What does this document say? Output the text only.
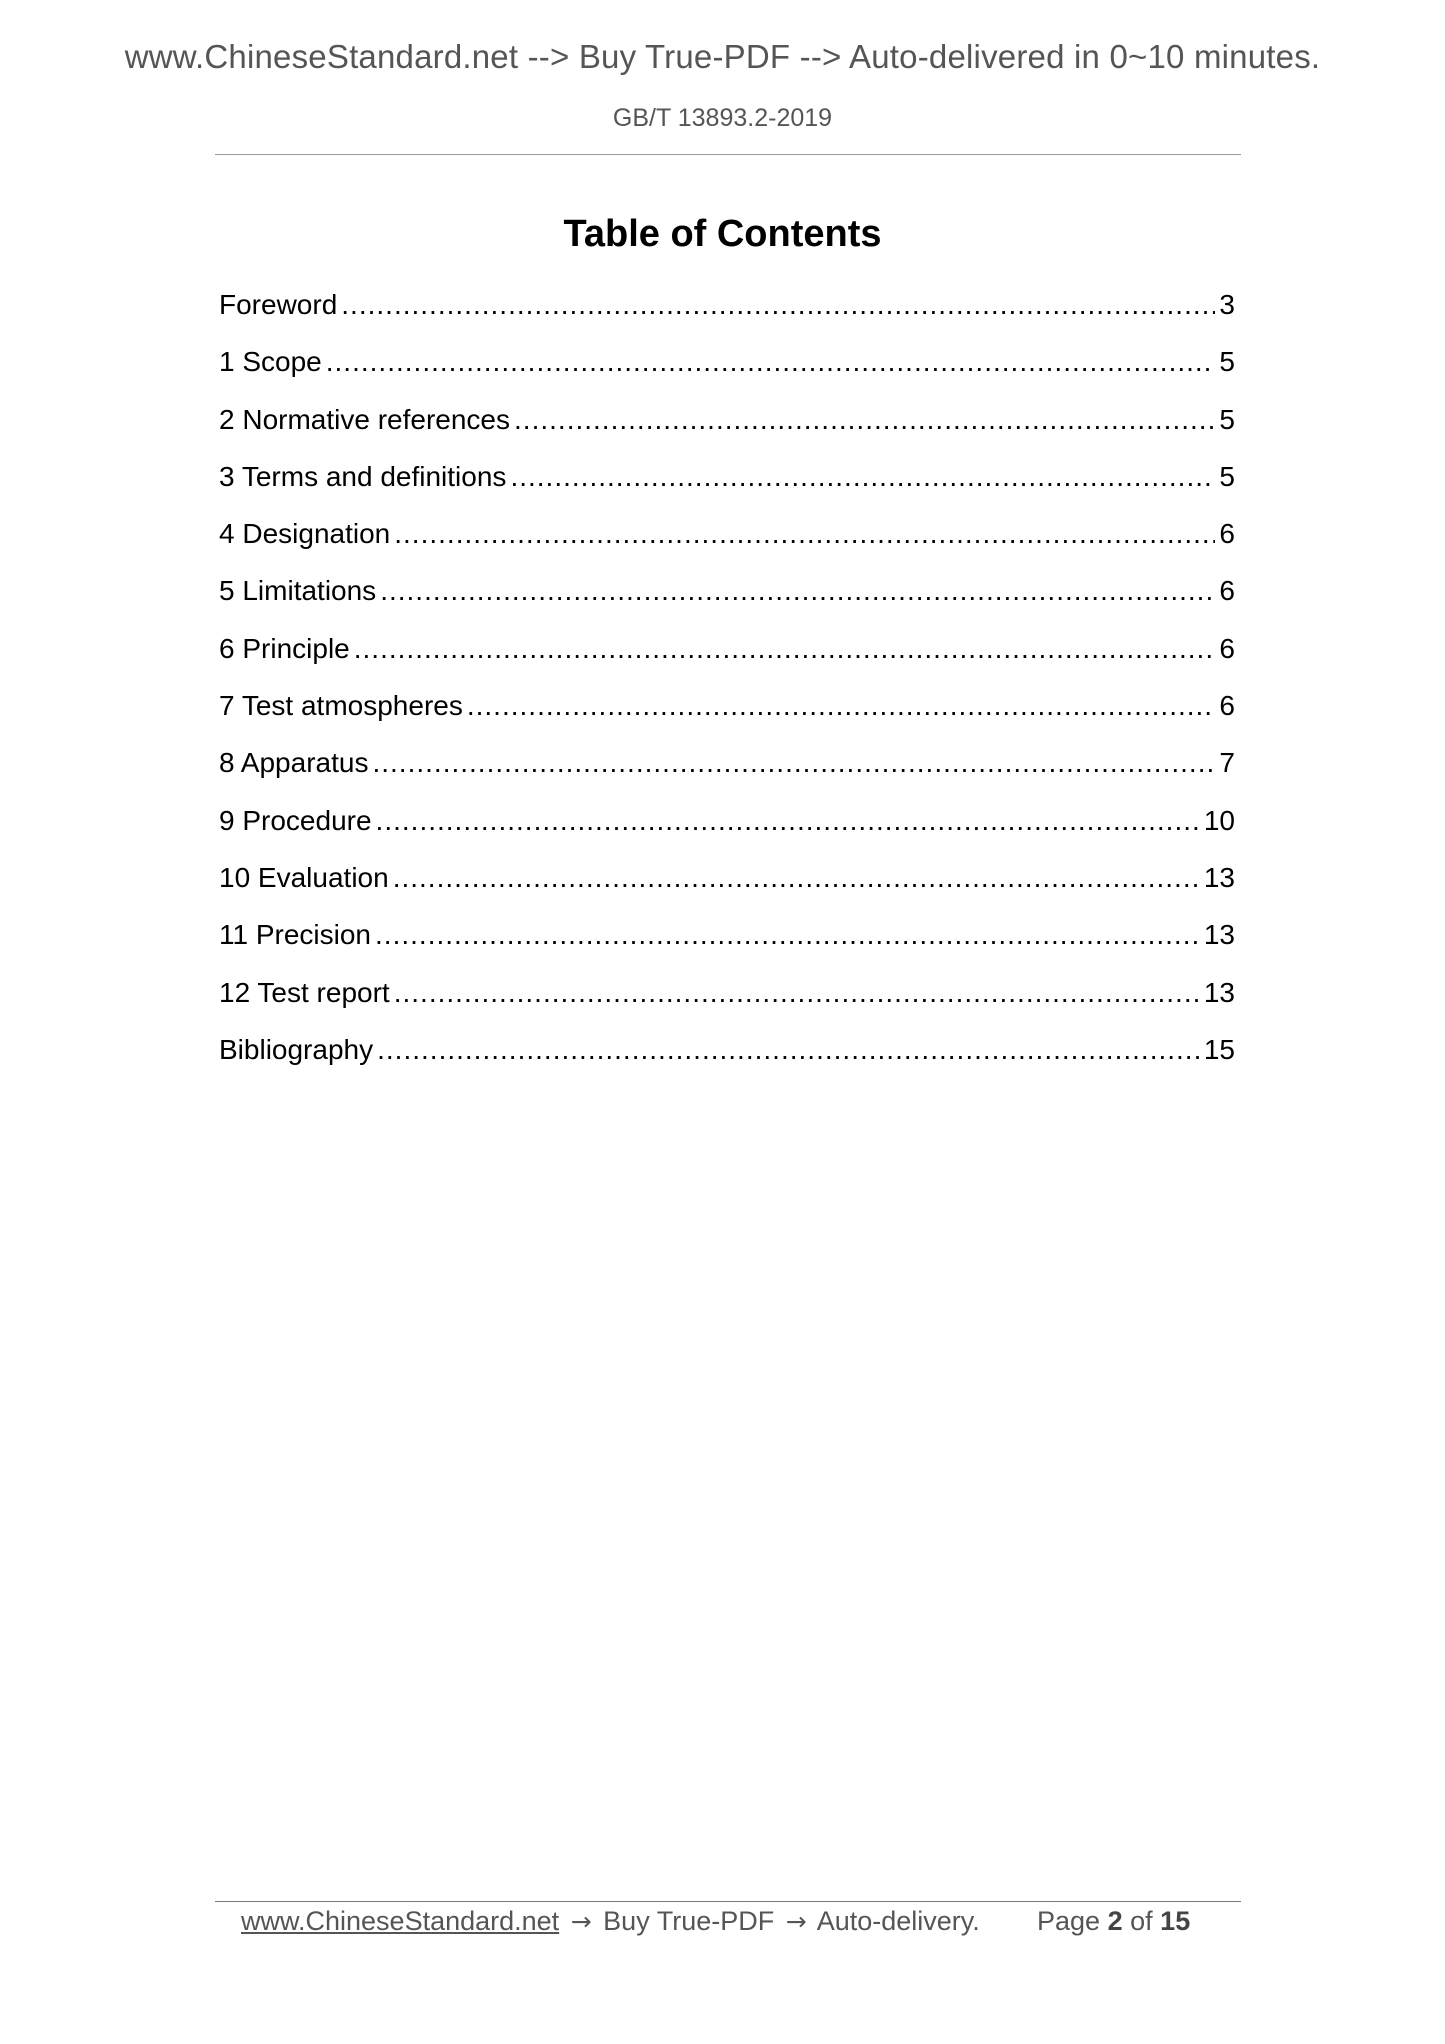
www.ChineseStandard.net --> Buy True-PDF --> Auto-delivered in 0~10 minutes.
GB/T 13893.2-2019
Table of Contents
Foreword .....	3
1 Scope .....	5
2 Normative references .....	5
3 Terms and definitions .....	5
4 Designation .....	6
5 Limitations .....	6
6 Principle .....	6
7 Test atmospheres .....	6
8 Apparatus .....	7
9 Procedure .....	10
10 Evaluation .....	13
11 Precision .....	13
12 Test report .....	13
Bibliography .....	15
www.ChineseStandard.net → Buy True-PDF → Auto-delivery. Page 2 of 15
